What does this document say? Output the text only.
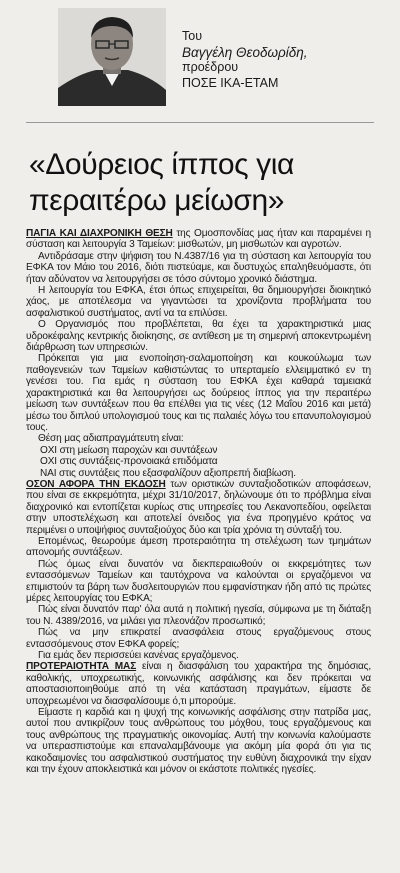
Του
Βαγγέλη Θεοδωρίδη,
προέδρου
ΠΟΣΕ ΙΚΑ-ΕΤΑΜ
«Δούρειος ίππος για
περαιτέρω μείωση»

ΠΑΓΙΑ ΚΑΙ ΔΙΑΧΡΟΝΙΚΗ ΘΕΣΗ της Ομοσπονδίας μας ήταν και παραμένει η σύσταση και λειτουργία 3 Ταμείων: μισθωτών, μη μισθωτών και αγροτών.

Αντιδράσαμε στην ψήφιση του Ν.4387/16 για τη σύσταση και λειτουργία του ΕΦΚΑ τον Μάιο του 2016, διότι πιστεύαμε, και δυστυχώς επαληθευόμαστε, ότι ήταν αδύνατον να λειτουργήσει σε τόσο σύντομο χρονικό διάστημα.

Η λειτουργία του ΕΦΚΑ, έτσι όπως επιχειρείται, θα δημιουργήσει διοικητικό χάος, με αποτέλεσμα να γιγαντώσει τα χρονίζοντα προβλήματα του ασφαλιστικού συστήματος, αντί να τα επιλύσει.

Ο Οργανισμός που προβλέπεται, θα έχει τα χαρακτηριστικά μιας υδροκέφαλης κεντρικής διοίκησης, σε αντίθεση με τη σημερινή αποκεντρωμένη διάρθρωση των υπηρεσιών.

Πρόκειται για μια ενοποίηση-σαλαμοποίηση και κουκούλωμα των παθογενειών των Ταμείων καθιστώντας το υπερταμείο ελλειμματικό εν τη γενέσει του. Για εμάς η σύσταση του ΕΦΚΑ έχει καθαρά ταμειακά χαρακτηριστικά και θα λειτουργήσει ως δούρειος ίππος για την περαιτέρω μείωση των συντάξεων που θα επέλθει για τις νέες (12 Μαΐου 2016 και μετά) μέσω του διπλού υπολογισμού τους και τις παλαιές λόγω του επανυπολογισμού τους.

Θέση μας αδιαπραγμάτευτη είναι:

ΟΧΙ στη μείωση παροχών και συντάξεων

ΟΧΙ στις συντάξεις-προνοιακά επιδόματα

ΝΑΙ στις συντάξεις που εξασφαλίζουν αξιοπρεπή διαβίωση.

ΟΣΟΝ ΑΦΟΡΑ ΤΗΝ ΕΚΔΟΣΗ των οριστικών συνταξιοδοτικών αποφάσεων, που είναι σε εκκρεμότητα, μέχρι 31/10/2017, δηλώνουμε ότι το πρόβλημα είναι διαχρονικό και εντοπίζεται κυρίως στις υπηρεσίες του Λεκανοπεδίου, οφείλεται στην υποστελέχωση και αποτελεί όνειδος για ένα προηγμένο κράτος να περιμένει ο υποψήφιος συνταξιούχος δύο και τρία χρόνια τη σύνταξή του.

Επομένως, θεωρούμε άμεση προτεραιότητα τη στελέχωση των τμημάτων απονομής συντάξεων.

Πώς όμως είναι δυνατόν να διεκπεραιωθούν οι εκκρεμότητες των εντασσόμενων Ταμείων και ταυτόχρονα να καλούνται οι εργαζόμενοι να επιμιστούν τα βάρη των δυσλειτουργιών που εμφανίστηκαν ήδη από τις πρώτες μέρες λειτουργίας του ΕΦΚΑ;

Πώς είναι δυνατόν παρ' όλα αυτά η πολιτική ηγεσία, σύμφωνα με τη διάταξη του Ν. 4389/2016, να μιλάει για πλεονάζον προσωπικό;

Πώς να μην επικρατεί ανασφάλεια στους εργαζόμενους στους εντασσόμενους στον ΕΦΚΑ φορείς;

Για εμάς δεν περισσεύει κανένας εργαζόμενος.

ΠΡΟΤΕΡΑΙΟΤΗΤΑ ΜΑΣ είναι η διασφάλιση του χαρακτήρα της δημόσιας, καθολικής, υποχρεωτικής, κοινωνικής ασφάλισης και δεν πρόκειται να αποστασιοποιηθούμε από τη νέα κατάσταση πραγμάτων, είμαστε δε υποχρεωμένοι να διασφαλίσουμε ό,τι μπορούμε.

Είμαστε η καρδιά και η ψυχή της κοινωνικής ασφάλισης στην πατρίδα μας, αυτοί που αντικρίζουν τους ανθρώπους του μόχθου, τους εργαζόμενους και τους ανθρώπους της πραγματικής οικονομίας. Αυτή την κοινωνία καλούμαστε να υπερασπιστούμε και επαναλαμβάνουμε για ακόμη μία φορά ότι για τις κακοδαιμονίες του ασφαλιστικού συστήματος την ευθύνη διαχρονικά την είχαν και την έχουν αποκλειστικά και μόνον οι εκάστοτε πολιτικές ηγεσίες.
